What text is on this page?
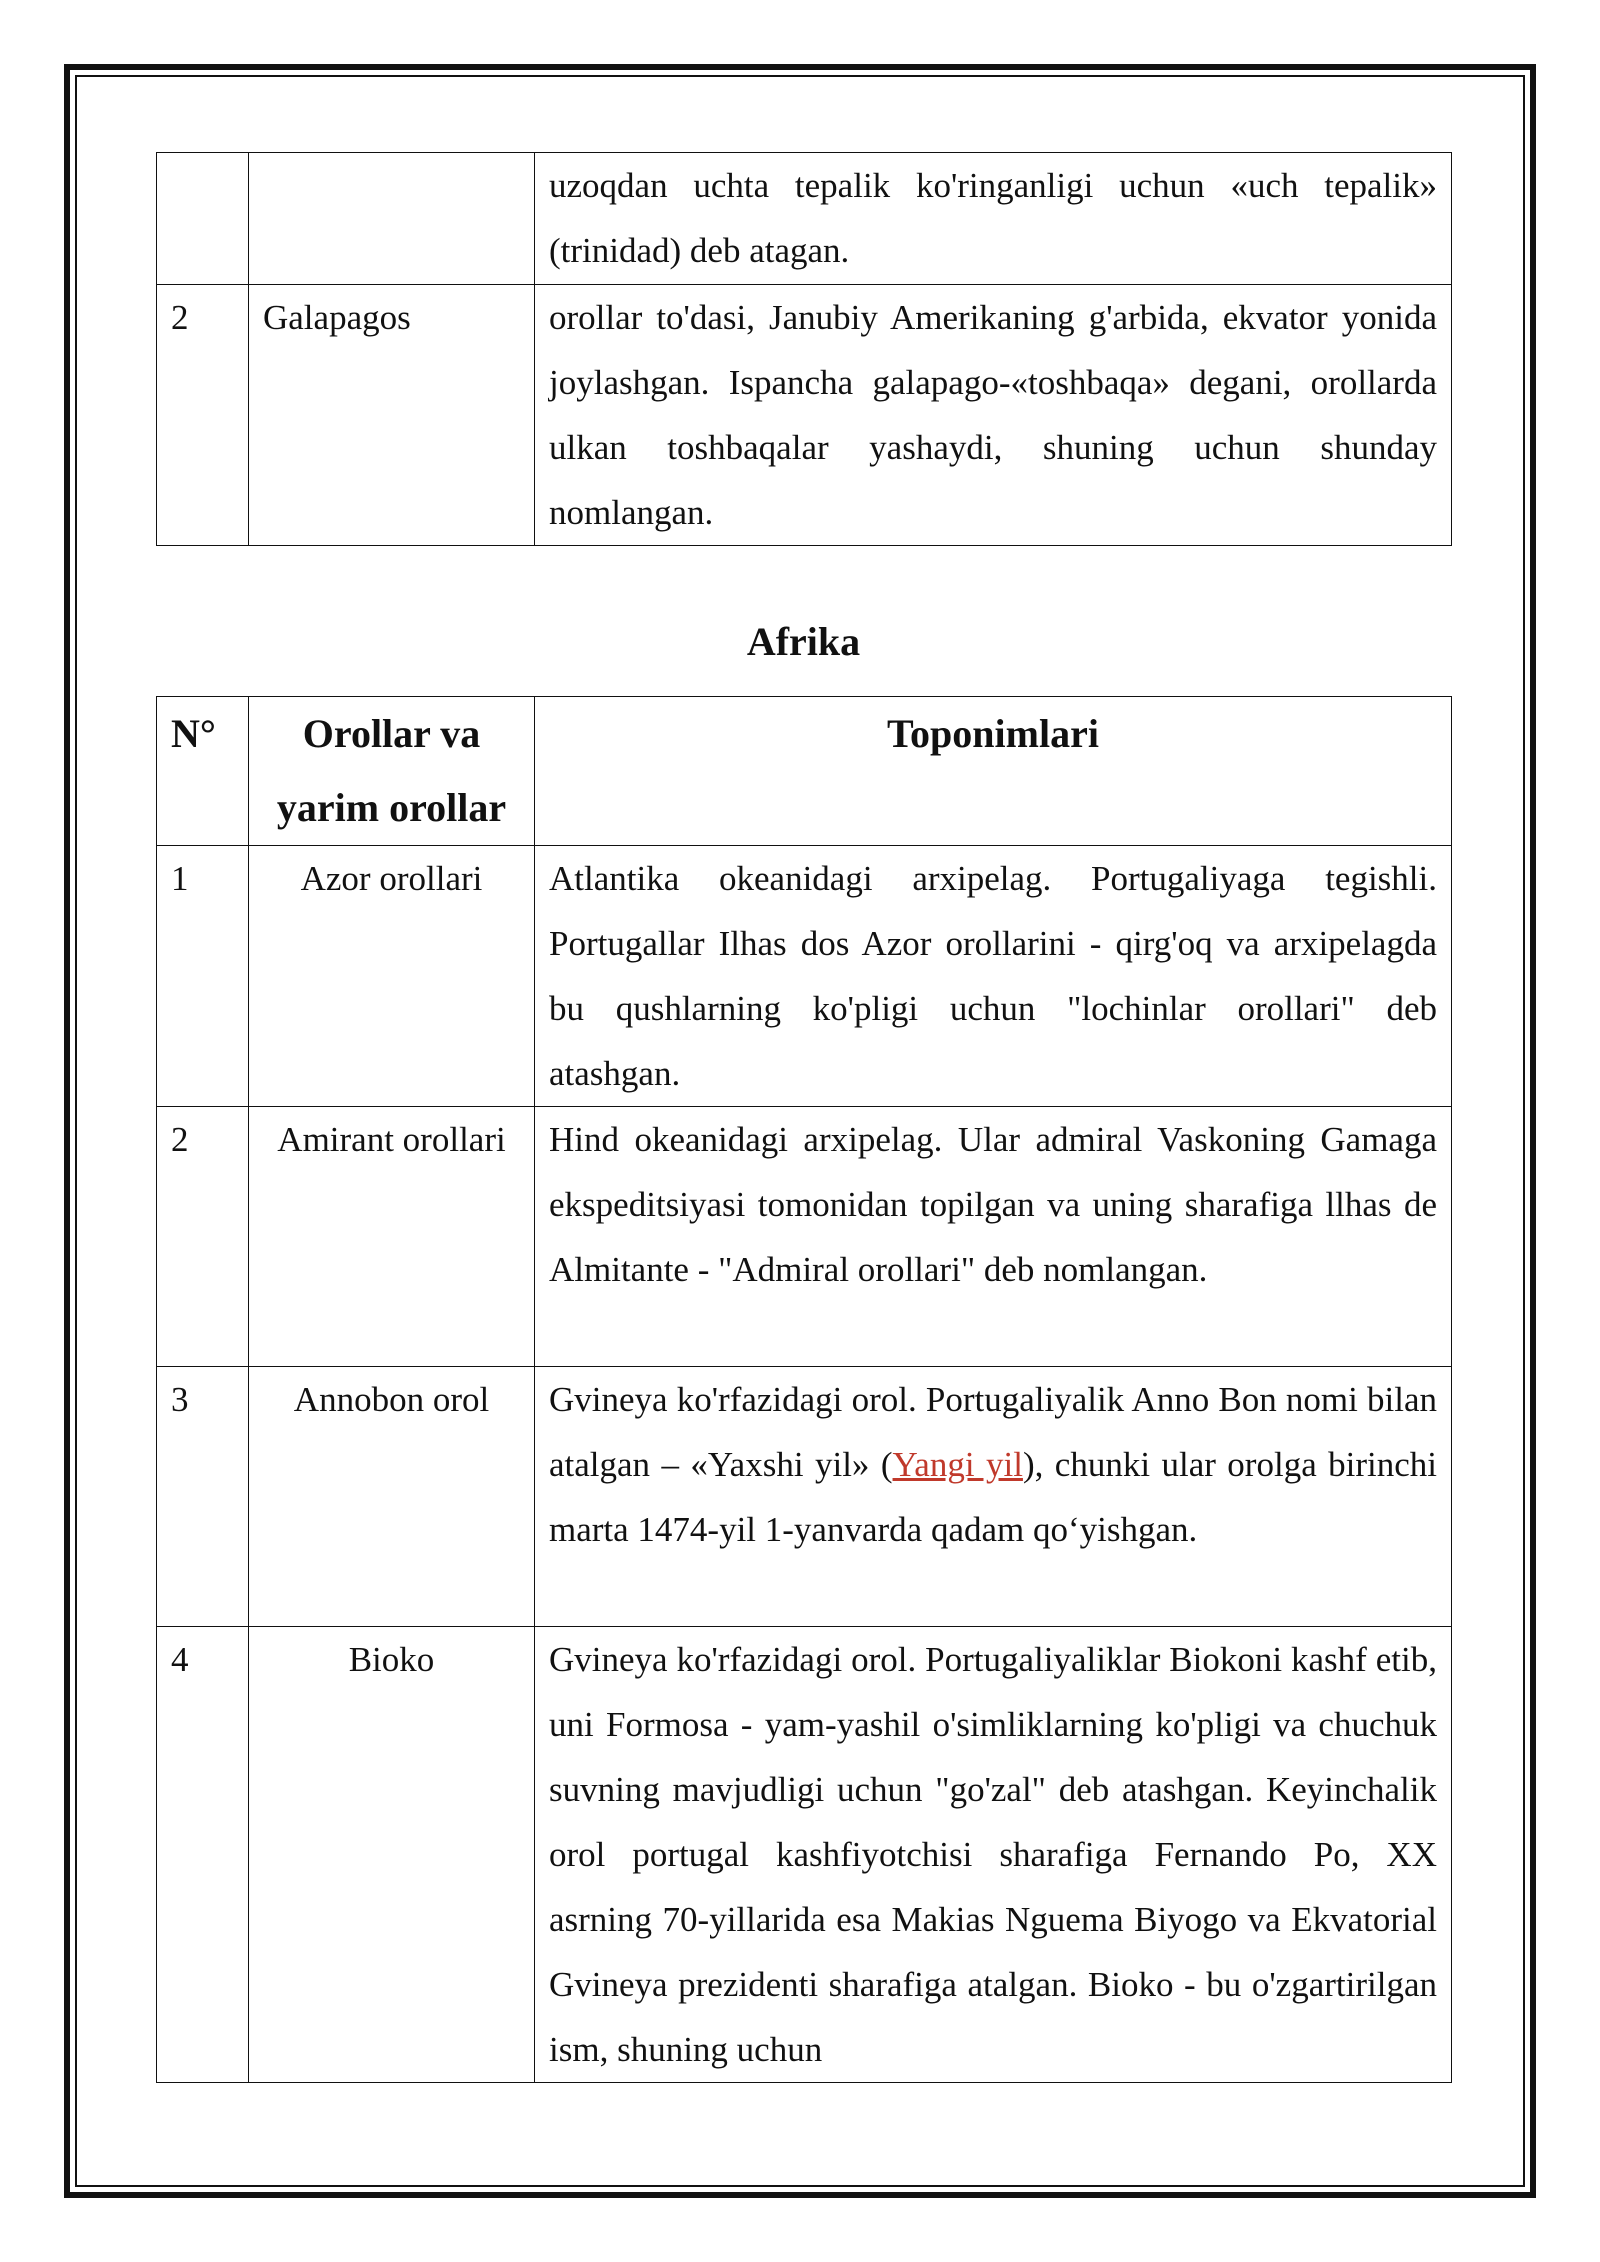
		uzoqdan uchta tepalik ko'ringanligi uchun «uch tepalik» (trinidad) deb atagan.
2	Galapagos	orollar to'dasi, Janubiy Amerikaning g'arbida, ekvator yonida joylashgan. Ispancha galapago-«toshbaqa» degani, orollarda ulkan toshbaqalar yashaydi, shuning uchun shunday nomlangan.
Afrika
N°	Orollar va yarim orollar	Toponimlari
1	Azor orollari	Atlantika okeanidagi arxipelag. Portugaliyaga tegishli. Portugallar Ilhas dos Azor orollarini - qirg'oq va arxipelagda bu qushlarning ko'pligi uchun "lochinlar orollari" deb atashgan.
2	Amirant orollari	Hind okeanidagi arxipelag. Ular admiral Vaskoning Gamaga ekspeditsiyasi tomonidan topilgan va uning sharafiga llhas de Almitante - "Admiral orollari" deb nomlangan.
3	Annobon orol	Gvineya ko'rfazidagi orol. Portugaliyalik Anno Bon nomi bilan atalgan – «Yaxshi yil» (Yangi yil), chunki ular orolga birinchi marta 1474-yil 1-yanvarda qadam qo‘yishgan.
4	Bioko	Gvineya ko'rfazidagi orol. Portugaliyaliklar Biokoni kashf etib, uni Formosa - yam-yashil o'simliklarning ko'pligi va chuchuk suvning mavjudligi uchun "go'zal" deb atashgan. Keyinchalik orol portugal kashfiyotchisi sharafiga Fernando Po, XX asrning 70-yillarida esa Makias Nguema Biyogo va Ekvatorial Gvineya prezidenti sharafiga atalgan. Bioko - bu o'zgartirilgan ism, shuning uchun
